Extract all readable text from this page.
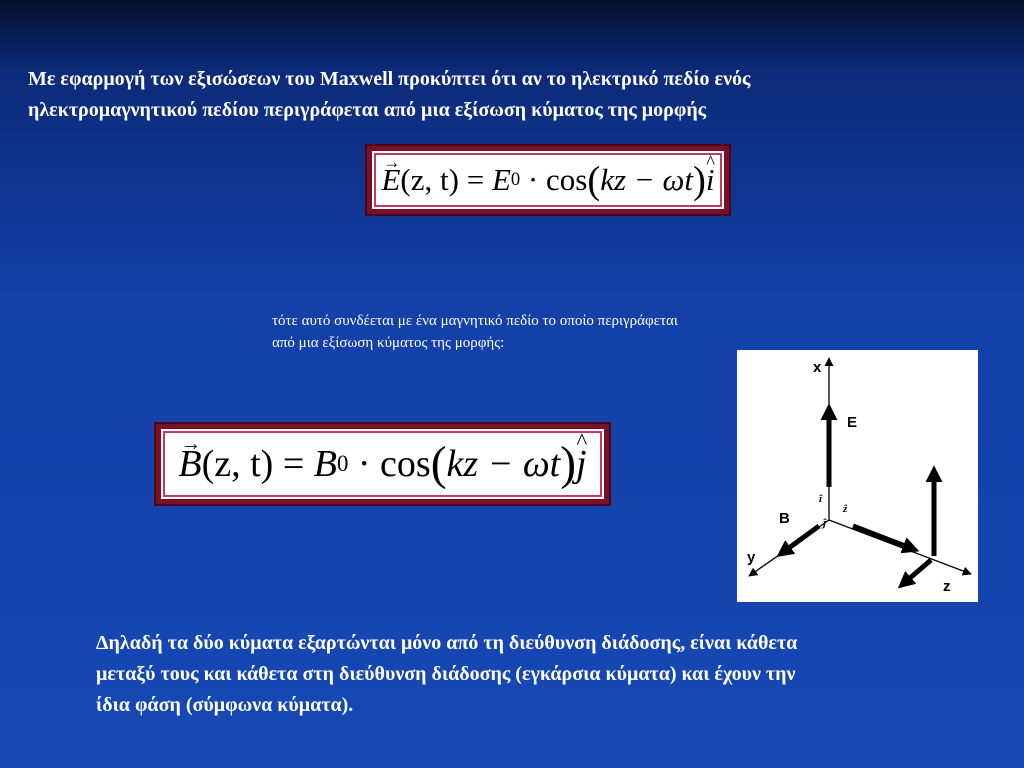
Με εφαρμογή των εξισώσεων του Maxwell προκύπτει ότι αν το ηλεκτρικό πεδίο ενός
ηλεκτρομαγνητικού πεδίου περιγράφεται από μια εξίσωση κύματος της μορφής

→ E (z, t) = E 0 · cos ( kz − ωt ) ^ i

τότε αυτό συνδέεται με ένα μαγνητικό πεδίο το οποίο περιγράφεται
από μια εξίσωση κύματος της μορφής:

→ B (z, t) = B 0 · cos ( kz − ωt ) ^ j
x
z
y
E
B
î
ĵ
ẑ

Δηλαδή τα δύο κύματα εξαρτώνται μόνο από τη διεύθυνση διάδοσης, είναι κάθετα
μεταξύ τους και κάθετα στη διεύθυνση διάδοσης (εγκάρσια κύματα) και έχουν την
ίδια φάση (σύμφωνα κύματα).
